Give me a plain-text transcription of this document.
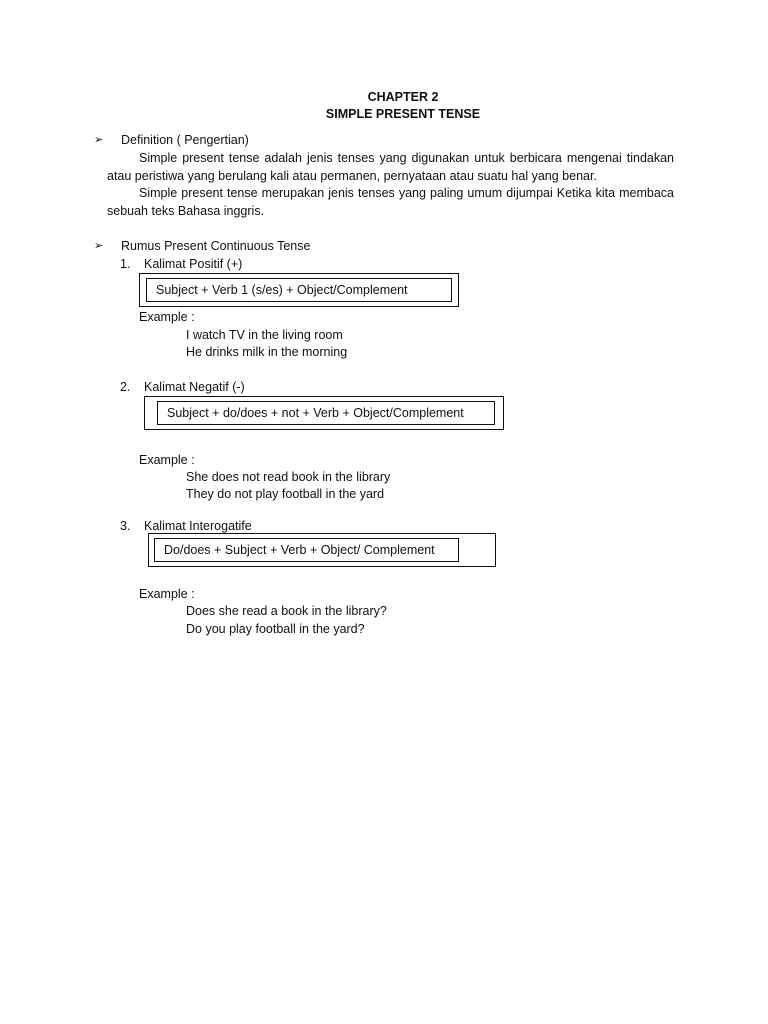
CHAPTER 2
SIMPLE PRESENT TENSE
➢ Definition ( Pengertian)
Simple present tense adalah jenis tenses yang digunakan untuk berbicara mengenai tindakan atau peristiwa yang berulang kali atau permanen, pernyataan atau suatu hal yang benar.
Simple present tense merupakan jenis tenses yang paling umum dijumpai Ketika kita membaca sebuah teks Bahasa inggris.
➢ Rumus Present Continuous Tense
1. Kalimat Positif (+)
Subject + Verb 1 (s/es) + Object/Complement
Example :
I watch TV in the living room
He drinks milk in the morning
2. Kalimat Negatif (-)
Subject + do/does + not + Verb + Object/Complement
Example :
She does not read book in the library
They do not play football in the yard
3. Kalimat Interogatife
Do/does + Subject + Verb + Object/ Complement
Example :
Does she read a book in the library?
Do you play football in the yard?
